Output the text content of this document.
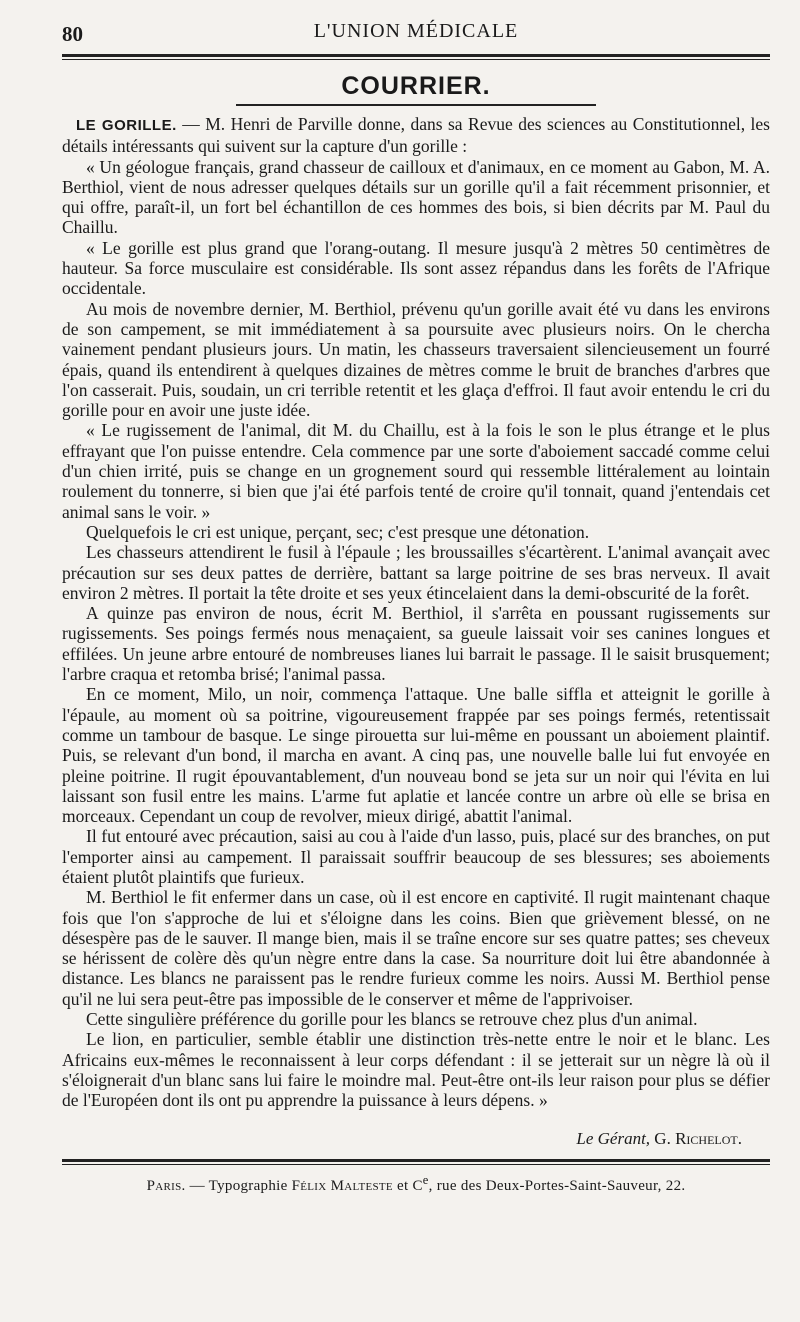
80	L'UNION MÉDICALE
COURRIER.

LE GORILLE. — M. Henri de Parville donne, dans sa Revue des sciences au Constitutionnel, les détails intéressants qui suivent sur la capture d'un gorille :

« Un géologue français, grand chasseur de cailloux et d'animaux, en ce moment au Gabon, M. A. Berthiol, vient de nous adresser quelques détails sur un gorille qu'il a fait récemment prisonnier, et qui offre, paraît-il, un fort bel échantillon de ces hommes des bois, si bien décrits par M. Paul du Chaillu.

« Le gorille est plus grand que l'orang-outang. Il mesure jusqu'à 2 mètres 50 centimètres de hauteur. Sa force musculaire est considérable. Ils sont assez répandus dans les forêts de l'Afrique occidentale.

Au mois de novembre dernier, M. Berthiol, prévenu qu'un gorille avait été vu dans les environs de son campement, se mit immédiatement à sa poursuite avec plusieurs noirs. On le chercha vainement pendant plusieurs jours. Un matin, les chasseurs traversaient silencieusement un fourré épais, quand ils entendirent à quelques dizaines de mètres comme le bruit de branches d'arbres que l'on casserait. Puis, soudain, un cri terrible retentit et les glaça d'effroi. Il faut avoir entendu le cri du gorille pour en avoir une juste idée.

« Le rugissement de l'animal, dit M. du Chaillu, est à la fois le son le plus étrange et le plus effrayant que l'on puisse entendre. Cela commence par une sorte d'aboiement saccadé comme celui d'un chien irrité, puis se change en un grognement sourd qui ressemble littéralement au lointain roulement du tonnerre, si bien que j'ai été parfois tenté de croire qu'il tonnait, quand j'entendais cet animal sans le voir. »

Quelquefois le cri est unique, perçant, sec; c'est presque une détonation.

Les chasseurs attendirent le fusil à l'épaule ; les broussailles s'écartèrent. L'animal avançait avec précaution sur ses deux pattes de derrière, battant sa large poitrine de ses bras nerveux. Il avait environ 2 mètres. Il portait la tête droite et ses yeux étincelaient dans la demi-obscurité de la forêt.

A quinze pas environ de nous, écrit M. Berthiol, il s'arrêta en poussant rugissements sur rugissements. Ses poings fermés nous menaçaient, sa gueule laissait voir ses canines longues et effilées. Un jeune arbre entouré de nombreuses lianes lui barrait le passage. Il le saisit brusquement; l'arbre craqua et retomba brisé; l'animal passa.

En ce moment, Milo, un noir, commença l'attaque. Une balle siffla et atteignit le gorille à l'épaule, au moment où sa poitrine, vigoureusement frappée par ses poings fermés, retentissait comme un tambour de basque. Le singe pirouetta sur lui-même en poussant un aboiement plaintif. Puis, se relevant d'un bond, il marcha en avant. A cinq pas, une nouvelle balle lui fut envoyée en pleine poitrine. Il rugit épouvantablement, d'un nouveau bond se jeta sur un noir qui l'évita en lui laissant son fusil entre les mains. L'arme fut aplatie et lancée contre un arbre où elle se brisa en morceaux. Cependant un coup de revolver, mieux dirigé, abattit l'animal.

Il fut entouré avec précaution, saisi au cou à l'aide d'un lasso, puis, placé sur des branches, on put l'emporter ainsi au campement. Il paraissait souffrir beaucoup de ses blessures; ses aboiements étaient plutôt plaintifs que furieux.

M. Berthiol le fit enfermer dans un case, où il est encore en captivité. Il rugit maintenant chaque fois que l'on s'approche de lui et s'éloigne dans les coins. Bien que grièvement blessé, on ne désespère pas de le sauver. Il mange bien, mais il se traîne encore sur ses quatre pattes; ses cheveux se hérissent de colère dès qu'un nègre entre dans la case. Sa nourriture doit lui être abandonnée à distance. Les blancs ne paraissent pas le rendre furieux comme les noirs. Aussi M. Berthiol pense qu'il ne lui sera peut-être pas impossible de le conserver et même de l'apprivoiser.

Cette singulière préférence du gorille pour les blancs se retrouve chez plus d'un animal.

Le lion, en particulier, semble établir une distinction très-nette entre le noir et le blanc. Les Africains eux-mêmes le reconnaissent à leur corps défendant : il se jetterait sur un nègre là où il s'éloignerait d'un blanc sans lui faire le moindre mal. Peut-être ont-ils leur raison pour plus se défier de l'Européen dont ils ont pu apprendre la puissance à leurs dépens. »

Le Gérant, G. Richelot.
Paris. — Typographie Félix Malteste et Ce, rue des Deux-Portes-Saint-Sauveur, 22.
